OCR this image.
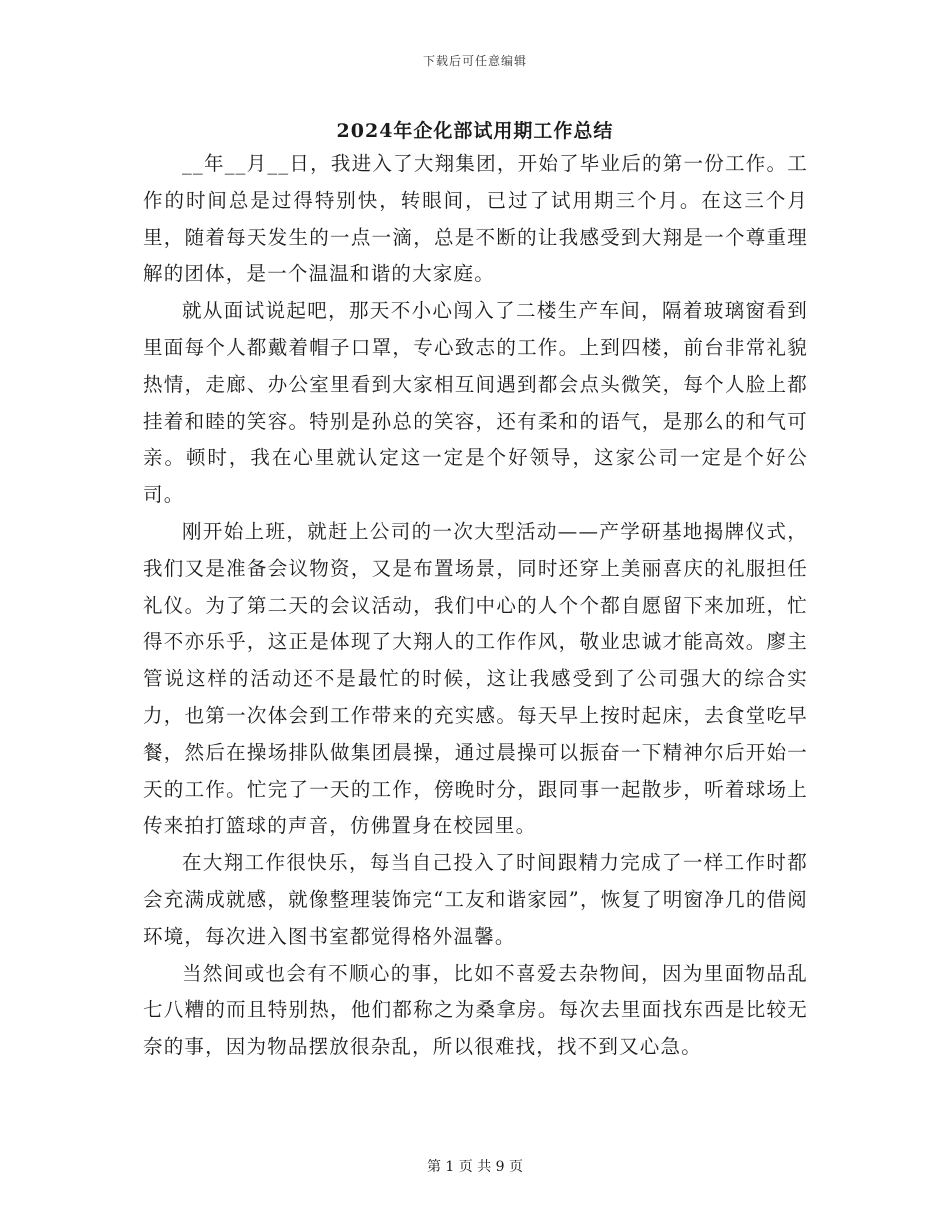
下载后可任意编辑
2024年企化部试用期工作总结

__年__月__日，我进入了大翔集团，开始了毕业后的第一份工作。工作的时间总是过得特别快，转眼间，已过了试用期三个月。在这三个月里，随着每天发生的一点一滴，总是不断的让我感受到大翔是一个尊重理解的团体，是一个温温和谐的大家庭。

就从面试说起吧，那天不小心闯入了二楼生产车间，隔着玻璃窗看到里面每个人都戴着帽子口罩，专心致志的工作。上到四楼，前台非常礼貌热情，走廊、办公室里看到大家相互间遇到都会点头微笑，每个人脸上都挂着和睦的笑容。特别是孙总的笑容，还有柔和的语气，是那么的和气可亲。顿时，我在心里就认定这一定是个好领导，这家公司一定是个好公司。

刚开始上班，就赶上公司的一次大型活动——产学研基地揭牌仪式，我们又是准备会议物资，又是布置场景，同时还穿上美丽喜庆的礼服担任礼仪。为了第二天的会议活动，我们中心的人个个都自愿留下来加班，忙得不亦乐乎，这正是体现了大翔人的工作作风，敬业忠诚才能高效。廖主管说这样的活动还不是最忙的时候，这让我感受到了公司强大的综合实力，也第一次体会到工作带来的充实感。每天早上按时起床，去食堂吃早餐，然后在操场排队做集团晨操，通过晨操可以振奋一下精神尔后开始一天的工作。忙完了一天的工作，傍晚时分，跟同事一起散步，听着球场上传来拍打篮球的声音，仿佛置身在校园里。

在大翔工作很快乐，每当自己投入了时间跟精力完成了一样工作时都会充满成就感，就像整理装饰完“工友和谐家园”，恢复了明窗净几的借阅环境，每次进入图书室都觉得格外温馨。

当然间或也会有不顺心的事，比如不喜爱去杂物间，因为里面物品乱七八糟的而且特别热，他们都称之为桑拿房。每次去里面找东西是比较无奈的事，因为物品摆放很杂乱，所以很难找，找不到又心急。

第 1 页 共 9 页
